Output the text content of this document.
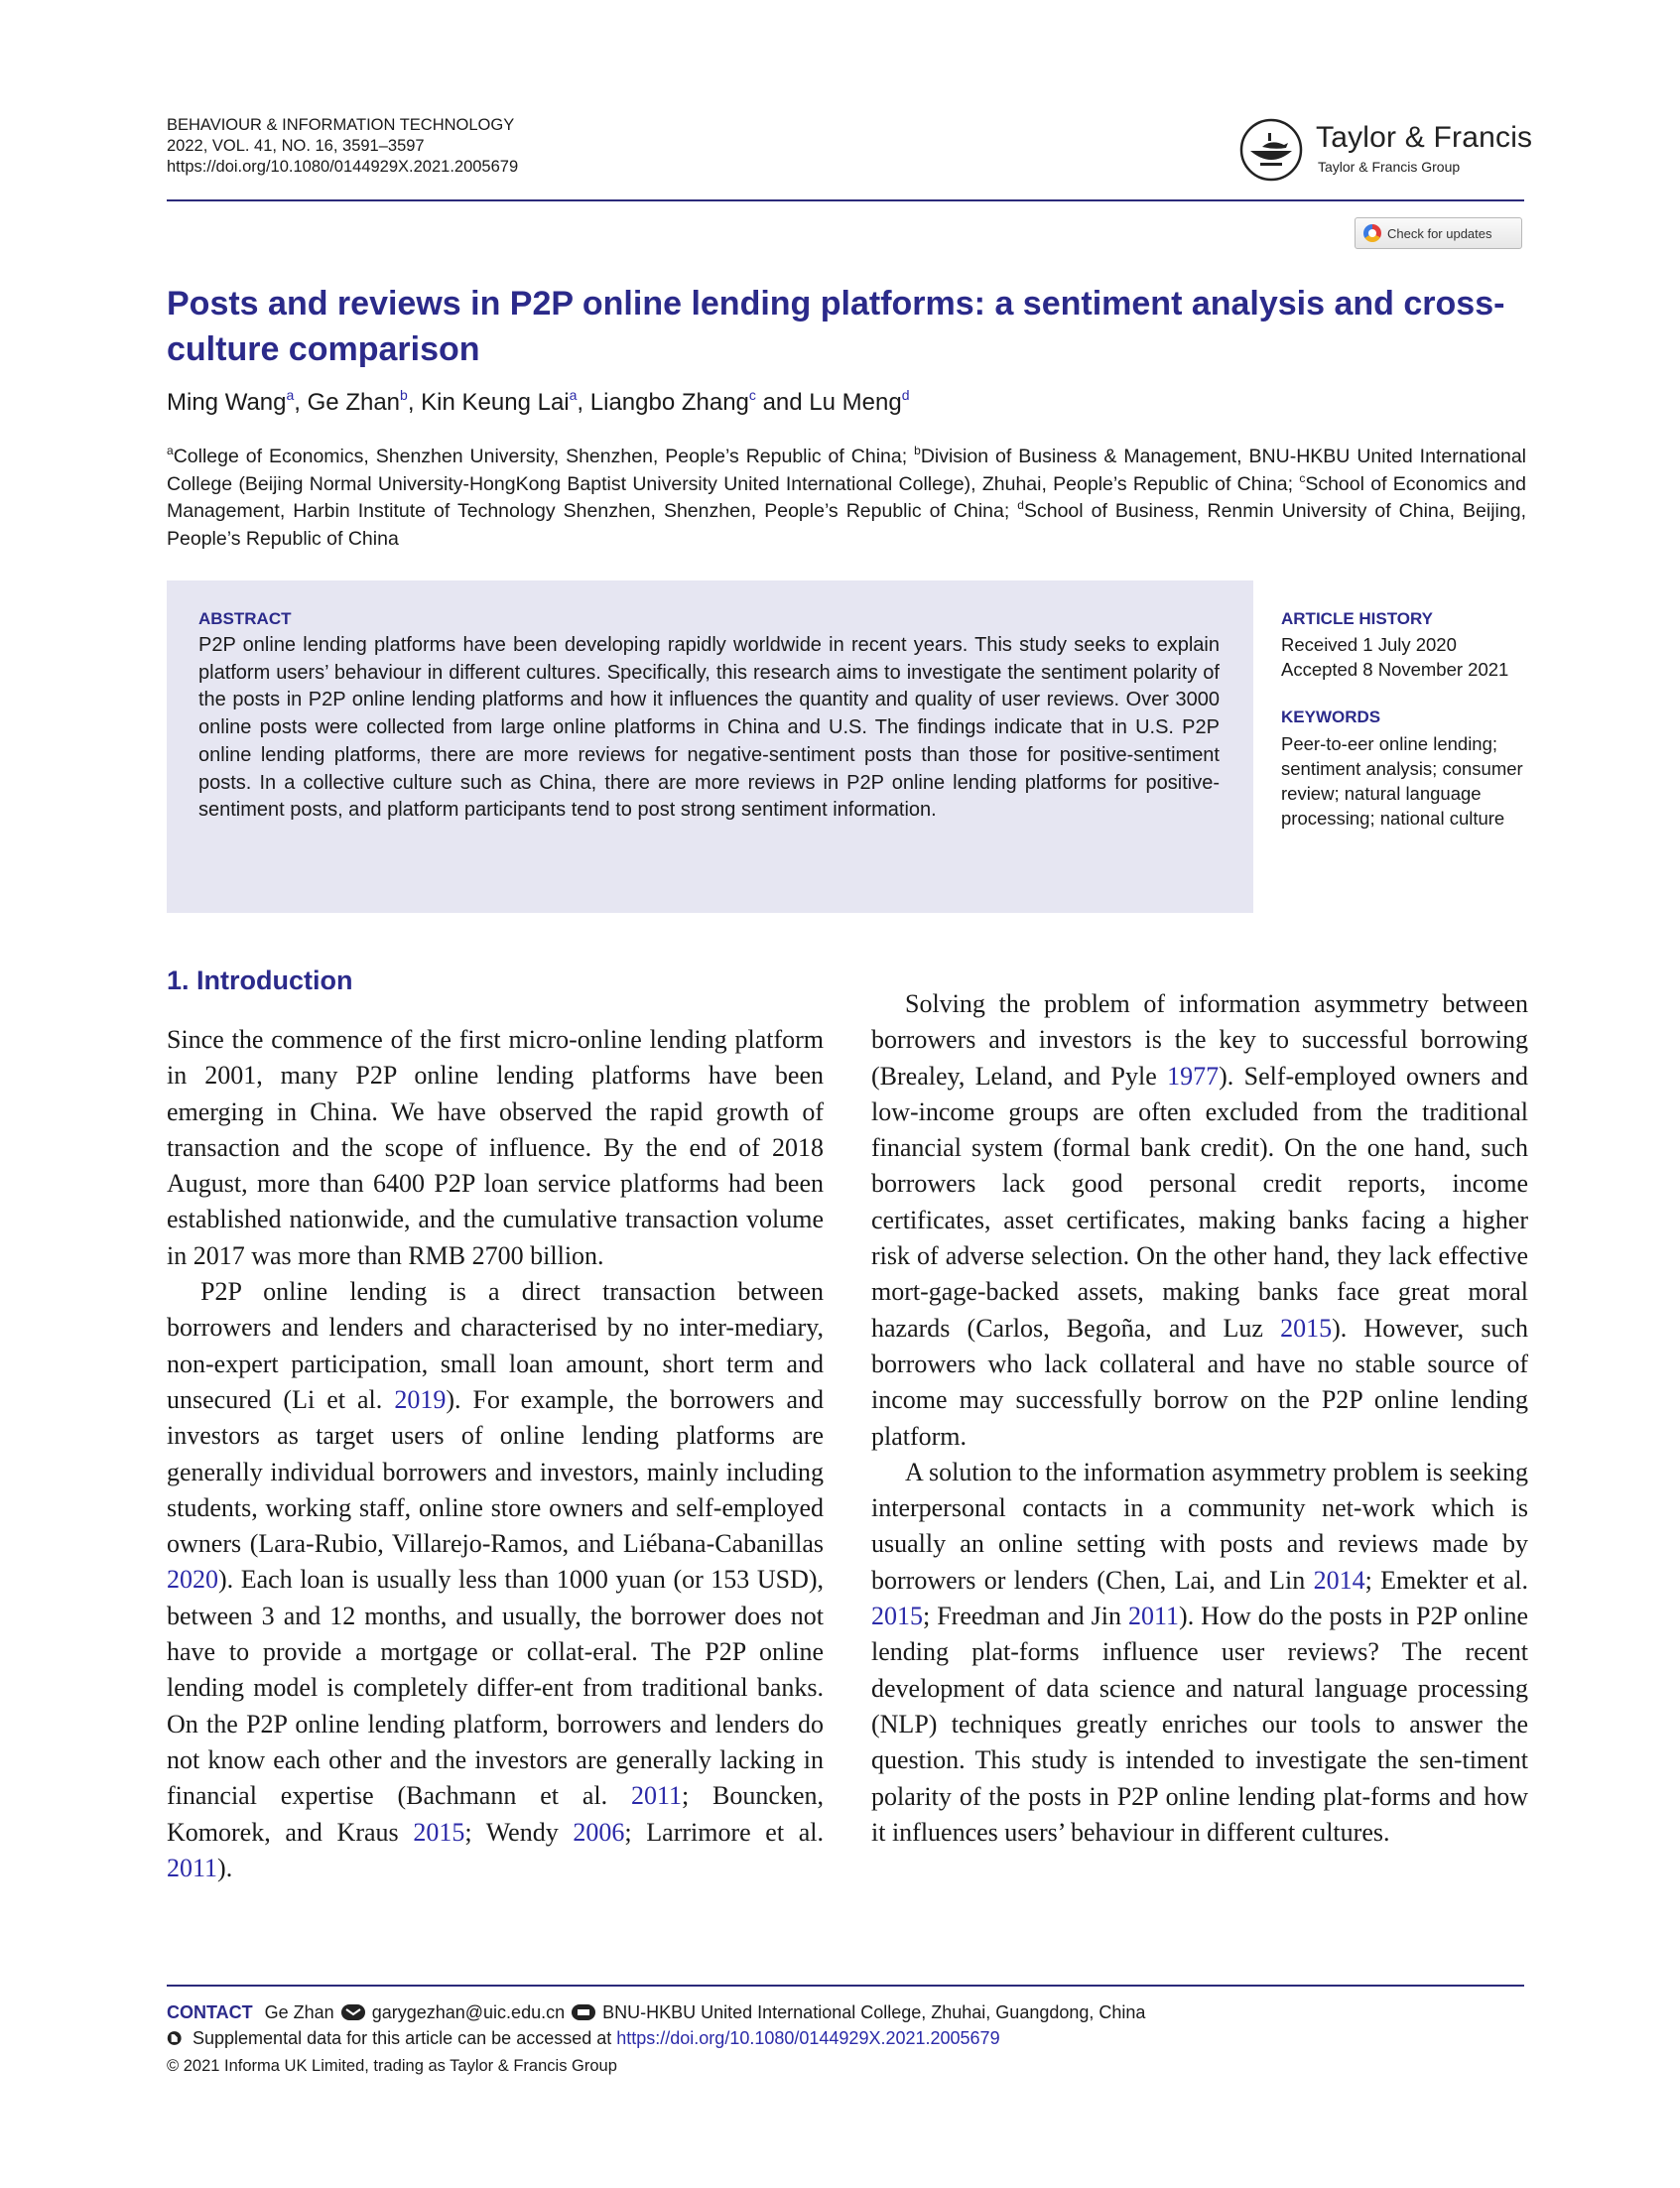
BEHAVIOUR & INFORMATION TECHNOLOGY
2022, VOL. 41, NO. 16, 3591–3597
https://doi.org/10.1080/0144929X.2021.2005679
Taylor & Francis
Taylor & Francis Group
Check for updates
Posts and reviews in P2P online lending platforms: a sentiment analysis and cross-culture comparison
Ming Wang$^a$, Ge Zhan$^b$, Kin Keung Lai$^a$, Liangbo Zhang$^c$ and Lu Meng$^d$
$^a$College of Economics, Shenzhen University, Shenzhen, People’s Republic of China; $^b$Division of Business & Management, BNU-HKBU United International College (Beijing Normal University-HongKong Baptist University United International College), Zhuhai, People’s Republic of China; $^c$School of Economics and Management, Harbin Institute of Technology Shenzhen, Shenzhen, People’s Republic of China; $^d$School of Business, Renmin University of China, Beijing, People’s Republic of China
ABSTRACT
P2P online lending platforms have been developing rapidly worldwide in recent years. This study seeks to explain platform users’ behaviour in different cultures. Specifically, this research aims to investigate the sentiment polarity of the posts in P2P online lending platforms and how it influences the quantity and quality of user reviews. Over 3000 online posts were collected from large online platforms in China and U.S. The findings indicate that in U.S. P2P online lending platforms, there are more reviews for negative-sentiment posts than those for positive-sentiment posts. In a collective culture such as China, there are more reviews in P2P online lending platforms for positive-sentiment posts, and platform participants tend to post strong sentiment information.
ARTICLE HISTORY
Received 1 July 2020
Accepted 8 November 2021
KEYWORDS
Peer-to-eer online lending; sentiment analysis; consumer review; natural language processing; national culture
1. Introduction

Since the commence of the first micro-online lending platform in 2001, many P2P online lending platforms have been emerging in China. We have observed the rapid growth of transaction and the scope of influence. By the end of 2018 August, more than 6400 P2P loan service platforms had been established nationwide, and the cumulative transaction volume in 2017 was more than RMB 2700 billion.

P2P online lending is a direct transaction between borrowers and lenders and characterised by no inter-mediary, non-expert participation, small loan amount, short term and unsecured (Li et al. 2019). For example, the borrowers and investors as target users of online lending platforms are generally individual borrowers and investors, mainly including students, working staff, online store owners and self-employed owners (Lara-Rubio, Villarejo-Ramos, and Liébana-Cabanillas 2020). Each loan is usually less than 1000 yuan (or 153 USD), between 3 and 12 months, and usually, the borrower does not have to provide a mortgage or collat-eral. The P2P online lending model is completely differ-ent from traditional banks. On the P2P online lending platform, borrowers and lenders do not know each other and the investors are generally lacking in financial expertise (Bachmann et al. 2011; Bouncken, Komorek, and Kraus 2015; Wendy 2006; Larrimore et al. 2011).

Solving the problem of information asymmetry between borrowers and investors is the key to successful borrowing (Brealey, Leland, and Pyle 1977). Self-employed owners and low-income groups are often excluded from the traditional financial system (formal bank credit). On the one hand, such borrowers lack good personal credit reports, income certificates, asset certificates, making banks facing a higher risk of adverse selection. On the other hand, they lack effective mort-gage-backed assets, making banks face great moral hazards (Carlos, Begoña, and Luz 2015). However, such borrowers who lack collateral and have no stable source of income may successfully borrow on the P2P online lending platform.

A solution to the information asymmetry problem is seeking interpersonal contacts in a community net-work which is usually an online setting with posts and reviews made by borrowers or lenders (Chen, Lai, and Lin 2014; Emekter et al. 2015; Freedman and Jin 2011). How do the posts in P2P online lending plat-forms influence user reviews? The recent development of data science and natural language processing (NLP) techniques greatly enriches our tools to answer the question. This study is intended to investigate the sen-timent polarity of the posts in P2P online lending plat-forms and how it influences users’ behaviour in different cultures.

CONTACT Ge Zhan garygezhan@uic.edu.cn BNU-HKBU United International College, Zhuhai, Guangdong, China
Supplemental data for this article can be accessed at https://doi.org/10.1080/0144929X.2021.2005679
© 2021 Informa UK Limited, trading as Taylor & Francis Group
